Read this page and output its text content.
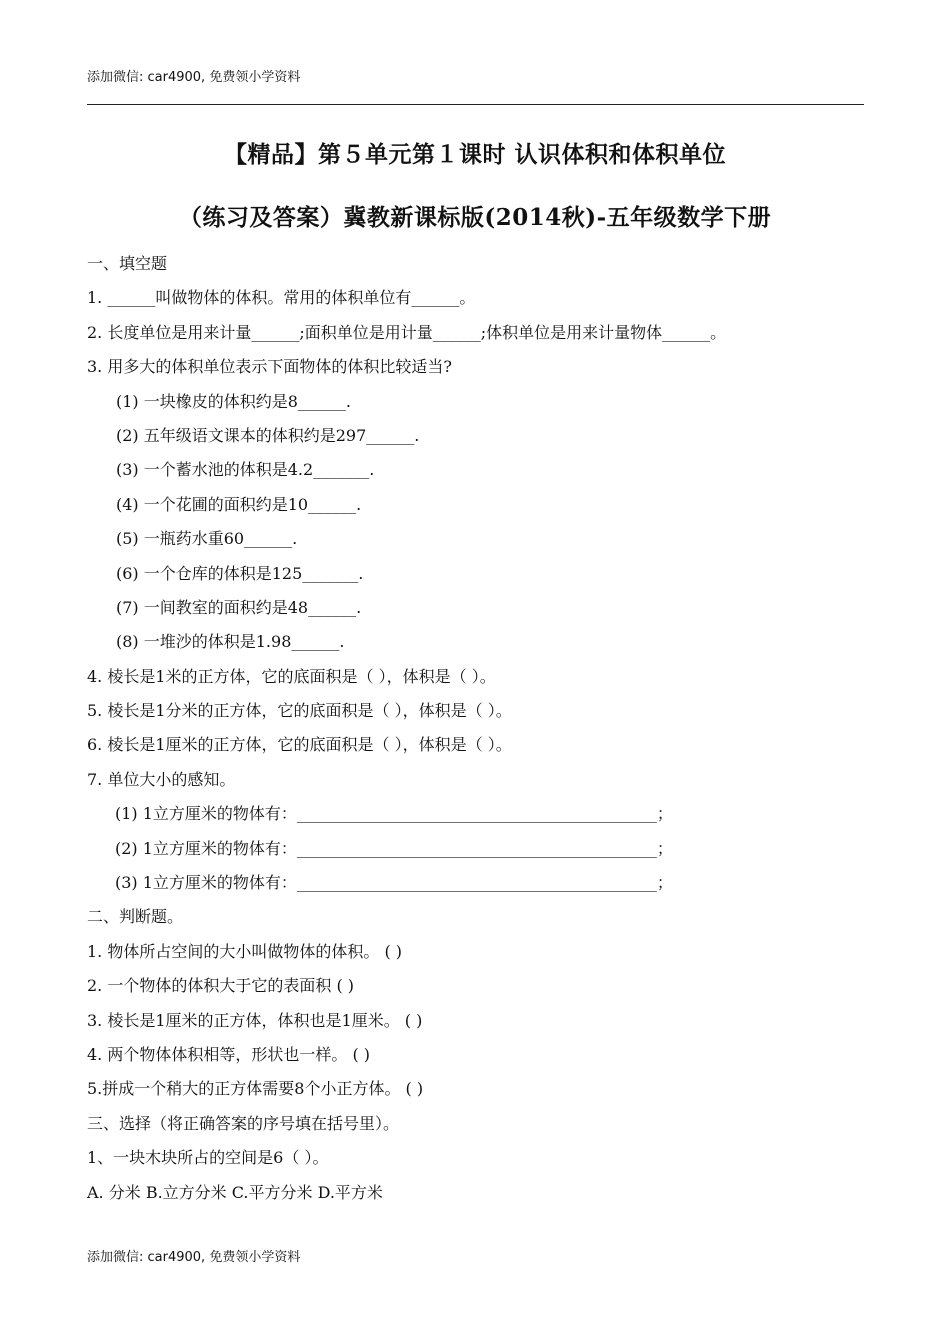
添加微信: car4900, 免费领小学资料
【精品】第５单元第１课时 认识体积和体积单位
（练习及答案）冀教新课标版(2014秋)-五年级数学下册
一、填空题
1. ______叫做物体的体积。常用的体积单位有______。
2. 长度单位是用来计量______;面积单位是用计量______;体积单位是用来计量物体______。
3. 用多大的体积单位表示下面物体的体积比较适当?
(1) 一块橡皮的体积约是8______.
(2) 五年级语文课本的体积约是297______.
(3) 一个蓄水池的体积是4.2_______.
(4) 一个花圃的面积约是10______.
(5) 一瓶药水重60______.
(6) 一个仓库的体积是125_______.
(7) 一间教室的面积约是48______.
(8) 一堆沙的体积是1.98______.
4. 棱长是1米的正方体，它的底面积是（ ），体积是（ ）。
5. 棱长是1分米的正方体，它的底面积是（ ），体积是（ ）。
6. 棱长是1厘米的正方体，它的底面积是（ ），体积是（ ）。
7. 单位大小的感知。
(1) 1立方厘米的物体有：_____________________________________________；
(2) 1立方厘米的物体有：_____________________________________________；
(3) 1立方厘米的物体有：_____________________________________________；
二、判断题。
1. 物体所占空间的大小叫做物体的体积。 ( )
2. 一个物体的体积大于它的表面积 ( )
3. 棱长是1厘米的正方体，体积也是1厘米。 ( )
4. 两个物体体积相等，形状也一样。 ( )
5.拼成一个稍大的正方体需要8个小正方体。 ( )
三、选择（将正确答案的序号填在括号里）。
1、一块木块所占的空间是6（ ）。
A. 分米 B.立方分米 C.平方分米 D.平方米
添加微信: car4900, 免费领小学资料
